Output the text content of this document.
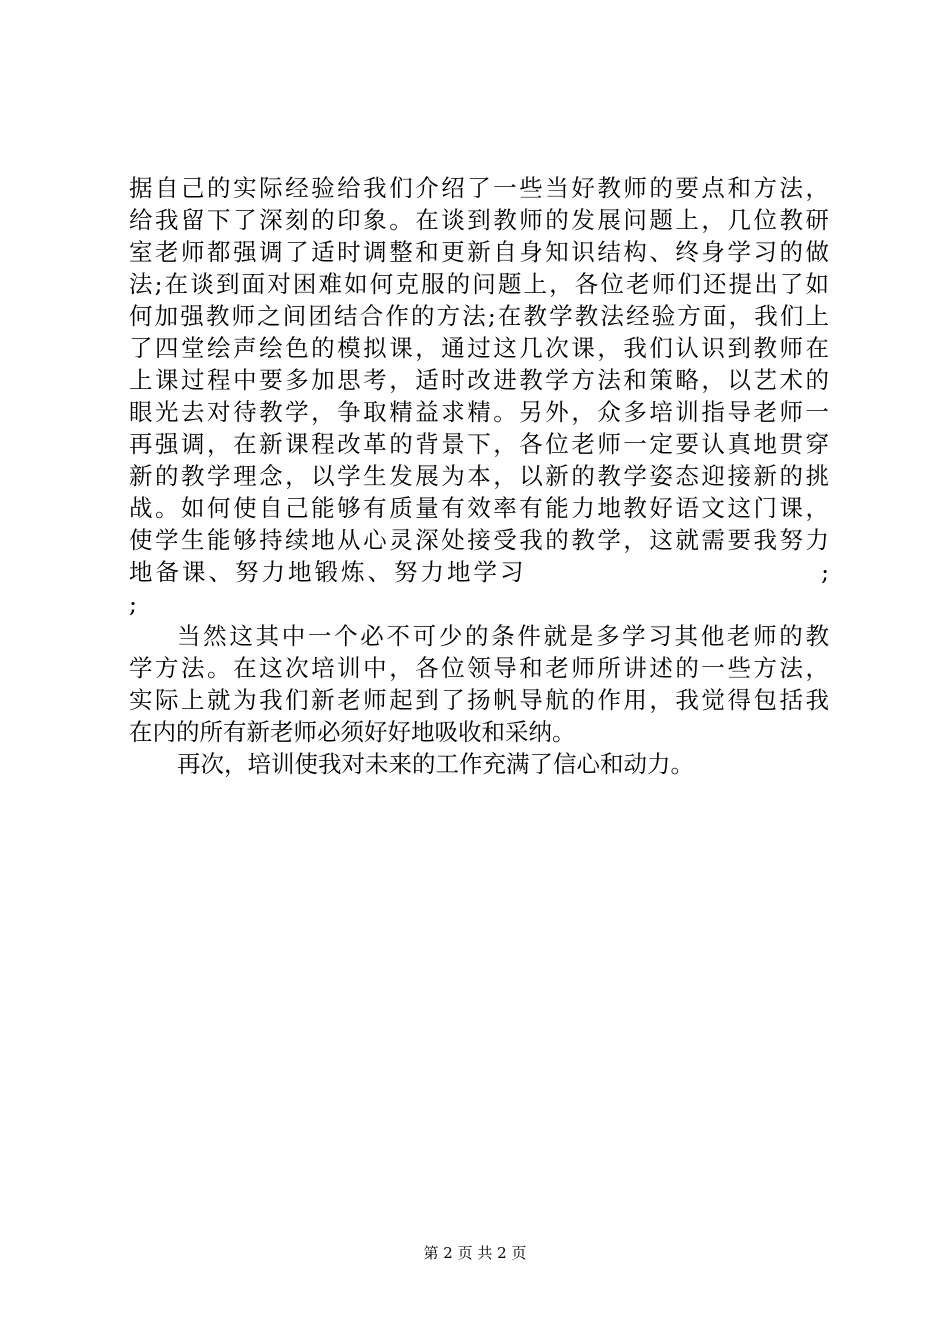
据自己的实际经验给我们介绍了一些当好教师的要点和方法，
给我留下了深刻的印象。在谈到教师的发展问题上，几位教研
室老师都强调了适时调整和更新自身知识结构、终身学习的做
法;在谈到面对困难如何克服的问题上，各位老师们还提出了如
何加强教师之间团结合作的方法;在教学教法经验方面，我们上
了四堂绘声绘色的模拟课，通过这几次课，我们认识到教师在
上课过程中要多加思考，适时改进教学方法和策略，以艺术的
眼光去对待教学，争取精益求精。另外，众多培训指导老师一
再强调，在新课程改革的背景下，各位老师一定要认真地贯穿
新的教学理念，以学生发展为本，以新的教学姿态迎接新的挑
战。如何使自己能够有质量有效率有能力地教好语文这门课，
使学生能够持续地从心灵深处接受我的教学，这就需要我努力
地备课、努力地锻炼、努力地学习	;
;
当然这其中一个必不可少的条件就是多学习其他老师的教
学方法。在这次培训中，各位领导和老师所讲述的一些方法，
实际上就为我们新老师起到了扬帆导航的作用，我觉得包括我
在内的所有新老师必须好好地吸收和采纳。
再次，培训使我对未来的工作充满了信心和动力。
第 2 页 共 2 页
